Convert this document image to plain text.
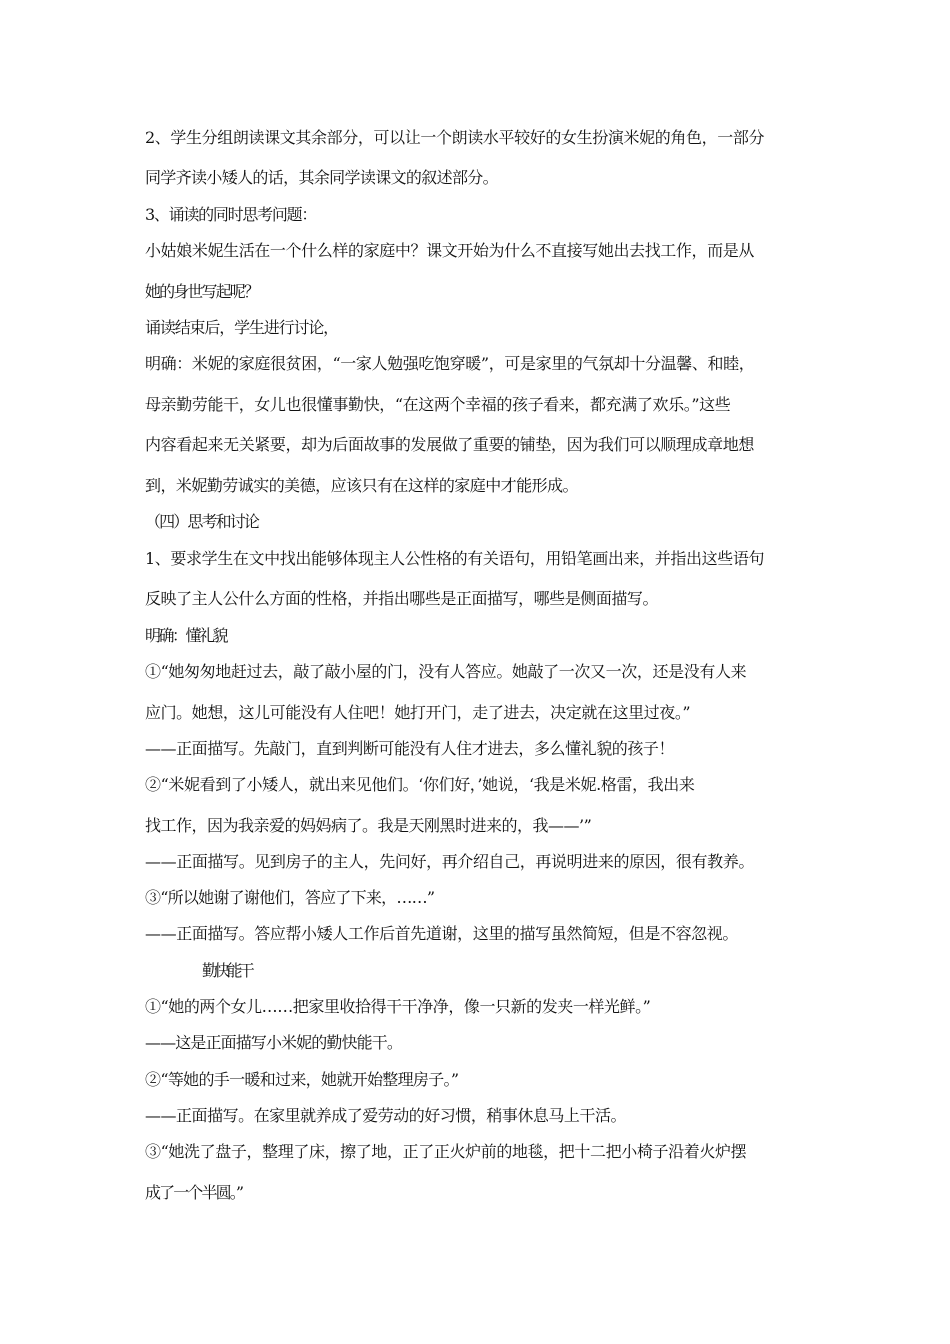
2、学生分组朗读课文其余部分，可以让一个朗读水平较好的女生扮演米妮的角色，一部分
同学齐读小矮人的话，其余同学读课文的叙述部分。
3、诵读的同时思考问题：
小姑娘米妮生活在一个什么样的家庭中？课文开始为什么不直接写她出去找工作，而是从
她的身世写起呢？
诵读结束后，学生进行讨论，
明确：米妮的家庭很贫困，“一家人勉强吃饱穿暖”，可是家里的气氛却十分温馨、和睦，
母亲勤劳能干，女儿也很懂事勤快，“在这两个幸福的孩子看来，都充满了欢乐。”这些
内容看起来无关紧要，却为后面故事的发展做了重要的铺垫，因为我们可以顺理成章地想
到，米妮勤劳诚实的美德，应该只有在这样的家庭中才能形成。
（四）思考和讨论
1、要求学生在文中找出能够体现主人公性格的有关语句，用铅笔画出来，并指出这些语句
反映了主人公什么方面的性格，并指出哪些是正面描写，哪些是侧面描写。
明确：懂礼貌
①“她匆匆地赶过去，敲了敲小屋的门，没有人答应。她敲了一次又一次，还是没有人来
应门。她想，这儿可能没有人住吧！她打开门，走了进去，决定就在这里过夜。”
——正面描写。先敲门，直到判断可能没有人住才进去，多么懂礼貌的孩子！
②“米妮看到了小矮人，就出来见他们。‘你们好，’她说，‘我是米妮.格雷，我出来
找工作，因为我亲爱的妈妈病了。我是天刚黑时进来的，我——’”
——正面描写。见到房子的主人，先问好，再介绍自己，再说明进来的原因，很有教养。
③“所以她谢了谢他们，答应了下来，……”
——正面描写。答应帮小矮人工作后首先道谢，这里的描写虽然简短，但是不容忽视。
勤快能干
①“她的两个女儿……把家里收拾得干干净净，像一只新的发夹一样光鲜。”
——这是正面描写小米妮的勤快能干。
②“等她的手一暖和过来，她就开始整理房子。”
——正面描写。在家里就养成了爱劳动的好习惯，稍事休息马上干活。
③“她洗了盘子，整理了床，擦了地，正了正火炉前的地毯，把十二把小椅子沿着火炉摆
成了一个半圆。”
